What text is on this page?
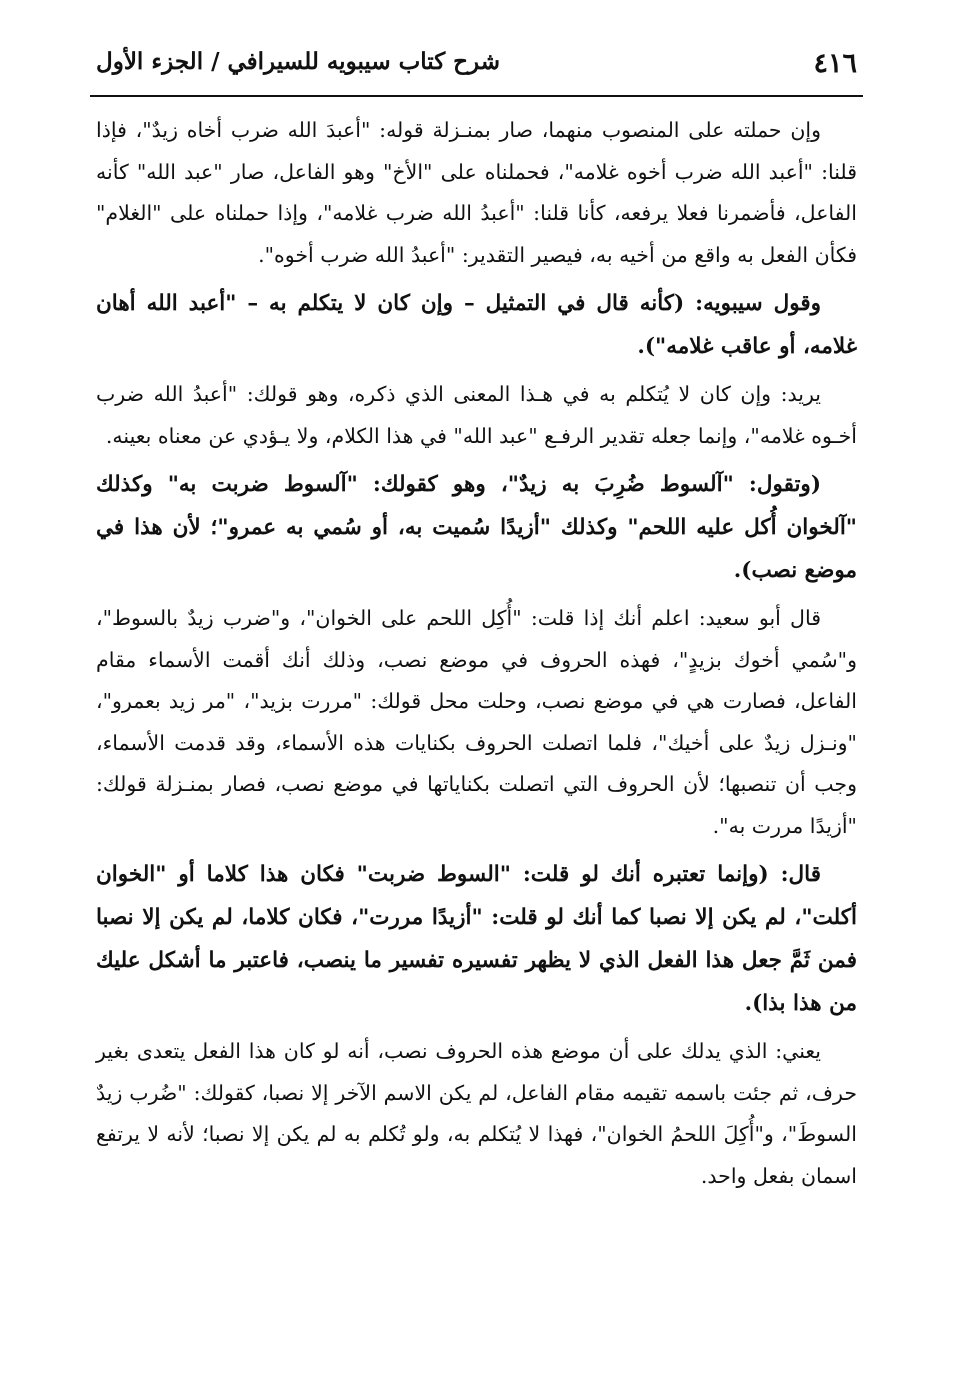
٤١٦
شرح كتاب سيبويه للسيرافي / الجزء الأول

وإن حملته على المنصوب منهما، صار بمنـزلة قوله: "أعبدَ الله ضرب أخاه زيدٌ"، فإذا قلنا: "أعبد الله ضرب أخوه غلامه"، فحملناه على "الأخ" وهو الفاعل، صار "عبد الله" كأنه الفاعل، فأضمرنا فعلا يرفعه، كأنا قلنا: "أعبدُ الله ضرب غلامه"، وإذا حملناه على "الغلام" فكأن الفعل به واقع من أخيه به، فيصير التقدير: "أعبدُ الله ضرب أخوه".

وقول سيبويه: (كأنه قال في التمثيل – وإن كان لا يتكلم به – "أعبد الله أهان غلامه، أو عاقب غلامه").

يريد: وإن كان لا يُتكلم به في هـذا المعنى الذي ذكره، وهو قولك: "أعبدُ الله ضرب أخـوه غلامه"، وإنما جعله تقدير الرفـع "عبد الله" في هذا الكلام، ولا يـؤدي عن معناه بعينه.

(وتقول: "آلسوط ضُرِبَ به زيدٌ"، وهو كقولك: "آلسوط ضربت به" وكذلك "آلخوان أُكل عليه اللحم" وكذلك "أزيدًا سُميت به، أو سُمي به عمرو"؛ لأن هذا في موضع نصب).

قال أبو سعيد: اعلم أنك إذا قلت: "أُكِل اللحم على الخوان"، و"ضرب زيدٌ بالسوط"، و"سُمي أخوك بزيدٍ"، فهذه الحروف في موضع نصب، وذلك أنك أقمت الأسماء مقام الفاعل، فصارت هي في موضع نصب، وحلت محل قولك: "مررت بزيد"، "مر زيد بعمرو"، "ونـزل زيدٌ على أخيك"، فلما اتصلت الحروف بكنايات هذه الأسماء، وقد قدمت الأسماء، وجب أن تنصبها؛ لأن الحروف التي اتصلت بكناياتها في موضع نصب، فصار بمنـزلة قولك: "أزيدًا مررت به".

قال: (وإنما تعتبره أنك لو قلت: "السوط ضربت" فكان هذا كلاما أو "الخوان أكلت"، لم يكن إلا نصبا كما أنك لو قلت: "أزيدًا مررت"، فكان كلاما، لم يكن إلا نصبا فمن ثَمَّ جعل هذا الفعل الذي لا يظهر تفسيره تفسير ما ينصب، فاعتبر ما أشكل عليك من هذا بذا).

يعني: الذي يدلك على أن موضع هذه الحروف نصب، أنه لو كان هذا الفعل يتعدى بغير حرف، ثم جئت باسمه تقيمه مقام الفاعل، لم يكن الاسم الآخر إلا نصبا، كقولك: "ضُرب زيدٌ السوطَ"، و"أُكِلَ اللحمُ الخوان"، فهذا لا يُتكلم به، ولو تُكلم به لم يكن إلا نصبا؛ لأنه لا يرتفع اسمان بفعل واحد.
